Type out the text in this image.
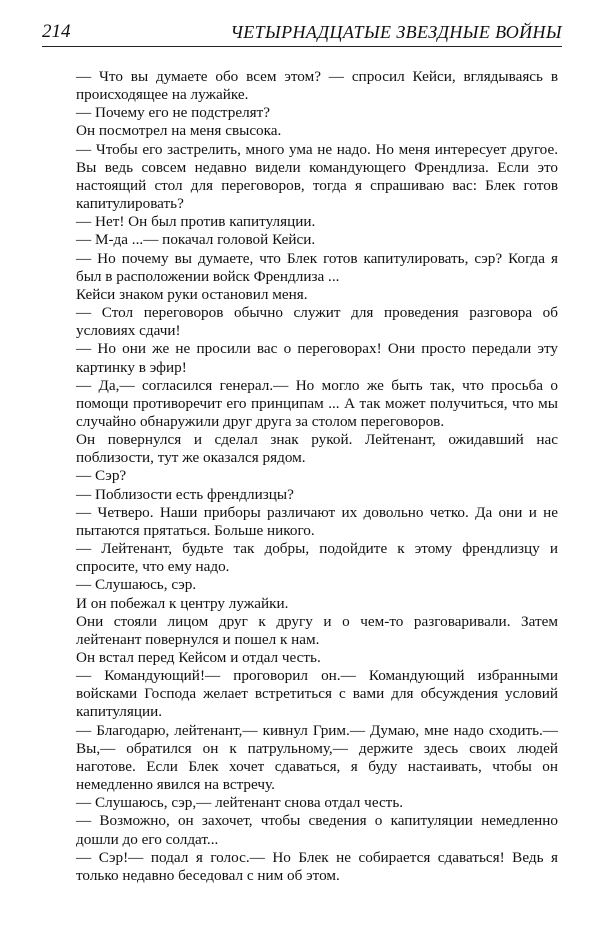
214	ЧЕТЫРНАДЦАТЫЕ ЗВЕЗДНЫЕ ВОЙНЫ

— Что вы думаете обо всем этом? — спросил Кейси, вглядываясь в происходящее на лужайке.

— Почему его не подстрелят?

Он посмотрел на меня свысока.

— Чтобы его застрелить, много ума не надо. Но меня интересует другое. Вы ведь совсем недавно видели командующего Френдлиза. Если это настоящий стол для переговоров, тогда я спрашиваю вас: Блек готов капитулировать?

— Нет! Он был против капитуляции.

— М-да ...— покачал головой Кейси.

— Но почему вы думаете, что Блек готов капитулировать, сэр? Когда я был в расположении войск Френдлиза ...

Кейси знаком руки остановил меня.

— Стол переговоров обычно служит для проведения разговора об условиях сдачи!

— Но они же не просили вас о переговорах! Они просто передали эту картинку в эфир!

— Да,— согласился генерал.— Но могло же быть так, что просьба о помощи противоречит его принципам ... А так может получиться, что мы случайно обнаружили друг друга за столом переговоров.

Он повернулся и сделал знак рукой. Лейтенант, ожидавший нас поблизости, тут же оказался рядом.

— Сэр?

— Поблизости есть френдлизцы?

— Четверо. Наши приборы различают их довольно четко. Да они и не пытаются прятаться. Больше никого.

— Лейтенант, будьте так добры, подойдите к этому френдлизцу и спросите, что ему надо.

— Слушаюсь, сэр.

И он побежал к центру лужайки.

Они стояли лицом друг к другу и о чем-то разговаривали. Затем лейтенант повернулся и пошел к нам.

Он встал перед Кейсом и отдал честь.

— Командующий!— проговорил он.— Командующий избранными войсками Господа желает встретиться с вами для обсуждения условий капитуляции.

— Благодарю, лейтенант,— кивнул Грим.— Думаю, мне надо сходить.— Вы,— обратился он к патрульному,— держите здесь своих людей наготове. Если Блек хочет сдаваться, я буду настаивать, чтобы он немедленно явился на встречу.

— Слушаюсь, сэр,— лейтенант снова отдал честь.

— Возможно, он захочет, чтобы сведения о капитуляции немедленно дошли до его солдат...

— Сэр!— подал я голос.— Но Блек не собирается сдаваться! Ведь я только недавно беседовал с ним об этом.
